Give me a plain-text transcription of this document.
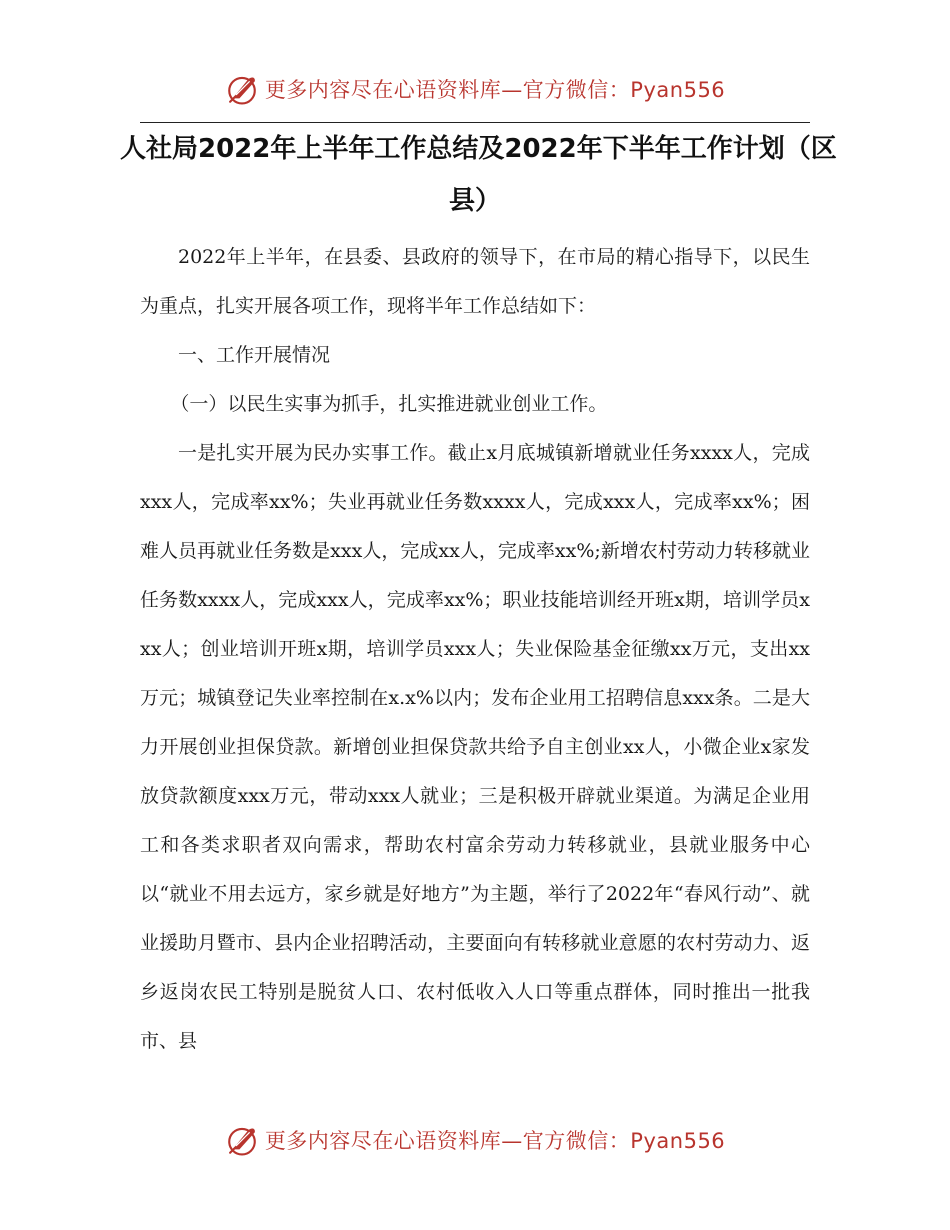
更多内容尽在心语资料库—官方微信：Pyan556
人社局2022年上半年工作总结及2022年下半年工作计划（区
县）

2022年上半年，在县委、县政府的领导下，在市局的精心指导下，以民生为重点，扎实开展各项工作，现将半年工作总结如下：

一、工作开展情况

（一）以民生实事为抓手，扎实推进就业创业工作。

一是扎实开展为民办实事工作。截止x月底城镇新增就业任务xxxx人，完成xxx人，完成率xx%；失业再就业任务数xxxx人，完成xxx人，完成率xx%；困难人员再就业任务数是xxx人，完成xx人，完成率xx%;新增农村劳动力转移就业任务数xxxx人，完成xxx人，完成率xx%；职业技能培训经开班x期，培训学员xxx人；创业培训开班x期，培训学员xxx人；失业保险基金征缴xx万元，支出xx万元；城镇登记失业率控制在x.x%以内；发布企业用工招聘信息xxx条。二是大力开展创业担保贷款。新增创业担保贷款共给予自主创业xx人，小微企业x家发放贷款额度xxx万元，带动xxx人就业；三是积极开辟就业渠道。为满足企业用工和各类求职者双向需求，帮助农村富余劳动力转移就业，县就业服务中心以“就业不用去远方，家乡就是好地方”为主题，举行了2022年“春风行动”、就业援助月暨市、县内企业招聘活动，主要面向有转移就业意愿的农村劳动力、返乡返岗农民工特别是脱贫人口、农村低收入人口等重点群体，同时推出一批我市、县

更多内容尽在心语资料库—官方微信：Pyan556
